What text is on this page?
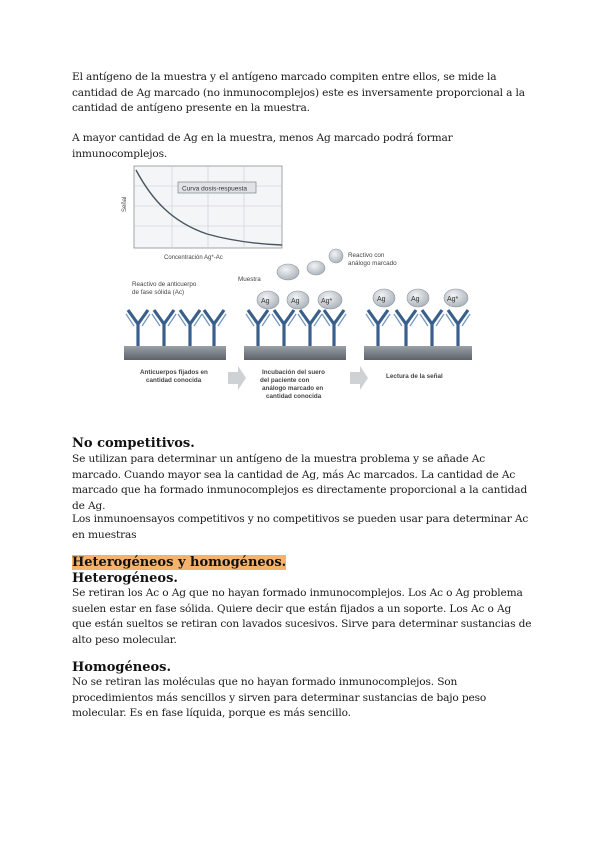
El antígeno de la muestra y el antígeno marcado compiten entre ellos, se mide la cantidad de Ag marcado (no inmunocomplejos) este es inversamente proporcional a la cantidad de antígeno presente en la muestra.
A mayor cantidad de Ag en la muestra, menos Ag marcado podrá formar inmunocomplejos.
Curva dosis-respuesta
Señal
Concentración Ag*-Ac
Reactivo de anticuerpo de fase sólida (Ac)
Muestra
Reactivo con análogo marcado
Ag	Ag	Ag*	Ag	Ag	Ag*
Anticuerpos fijados en cantidad conocida
Incubación del suero del paciente con análogo marcado en cantidad conocida
Lectura de la señal
No competitivos.
Se utilizan para determinar un antígeno de la muestra problema y se añade Ac marcado. Cuando mayor sea la cantidad de Ag, más Ac marcados. La cantidad de Ac marcado que ha formado inmunocomplejos es directamente proporcional a la cantidad de Ag.
Los inmunoensayos competitivos y no competitivos se pueden usar para determinar Ac en muestras
Heterogéneos y homogéneos.
Heterogéneos.
Se retiran los Ac o Ag que no hayan formado inmunocomplejos. Los Ac o Ag problema suelen estar en fase sólida. Quiere decir que están fijados a un soporte. Los Ac o Ag que están sueltos se retiran con lavados sucesivos. Sirve para determinar sustancias de alto peso molecular.
Homogéneos.
No se retiran las moléculas que no hayan formado inmunocomplejos. Son procedimientos más sencillos y sirven para determinar sustancias de bajo peso molecular. Es en fase líquida, porque es más sencillo.
